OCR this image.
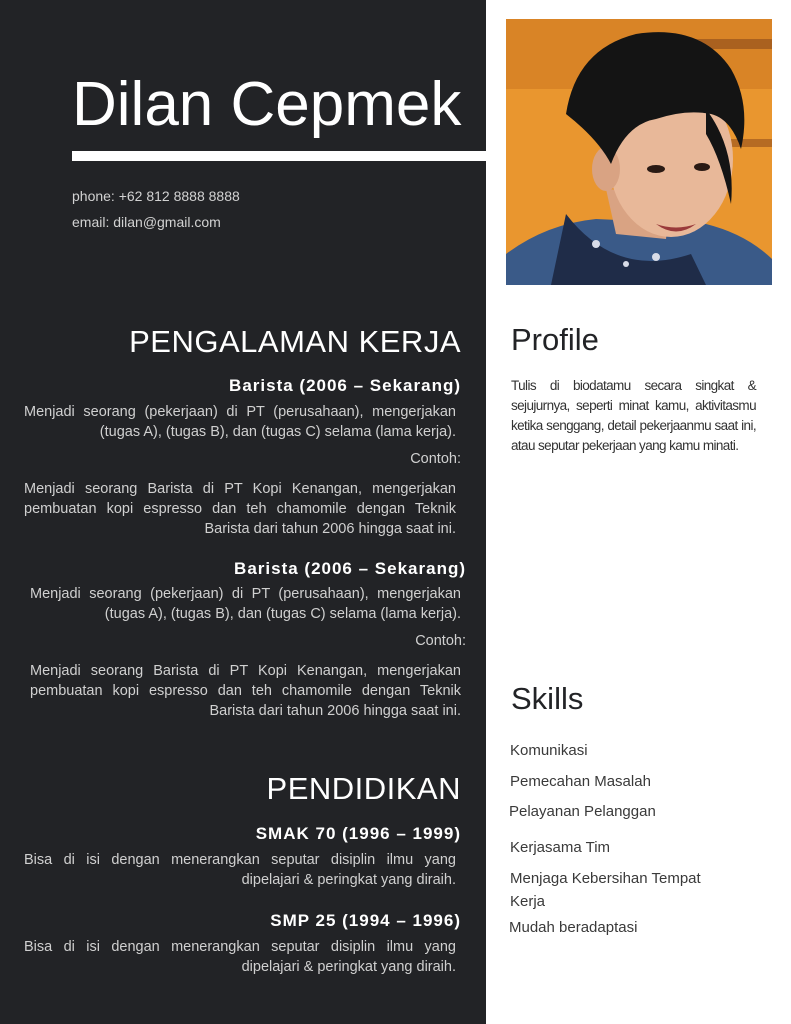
Dilan Cepmek
phone: +62 812 8888 8888
email: dilan@gmail.com
PENGALAMAN KERJA
Barista (2006 – Sekarang)
Menjadi seorang (pekerjaan) di PT (perusahaan), mengerjakan (tugas A), (tugas B), dan (tugas C) selama (lama kerja).
Contoh:
Menjadi seorang Barista di PT Kopi Kenangan, mengerjakan pembuatan kopi espresso dan teh chamomile dengan Teknik Barista dari tahun 2006 hingga saat ini.
Barista (2006 – Sekarang)
Menjadi seorang (pekerjaan) di PT (perusahaan), mengerjakan (tugas A), (tugas B), dan (tugas C) selama (lama kerja).
Contoh:
Menjadi seorang Barista di PT Kopi Kenangan, mengerjakan pembuatan kopi espresso dan teh chamomile dengan Teknik Barista dari tahun 2006 hingga saat ini.
PENDIDIKAN
SMAK 70 (1996 – 1999)
Bisa di isi dengan menerangkan seputar disiplin ilmu yang dipelajari & peringkat yang diraih.
SMP 25 (1994 – 1996)
Bisa di isi dengan menerangkan seputar disiplin ilmu yang dipelajari & peringkat yang diraih.
Profile
Tulis di biodatamu secara singkat & sejujurnya, seperti minat kamu, aktivitasmu ketika senggang, detail pekerjaanmu saat ini, atau seputar pekerjaan yang kamu minati.
Skills
Komunikasi
Pemecahan Masalah
Pelayanan Pelanggan
Kerjasama Tim
Menjaga Kebersihan Tempat Kerja
Mudah beradaptasi
